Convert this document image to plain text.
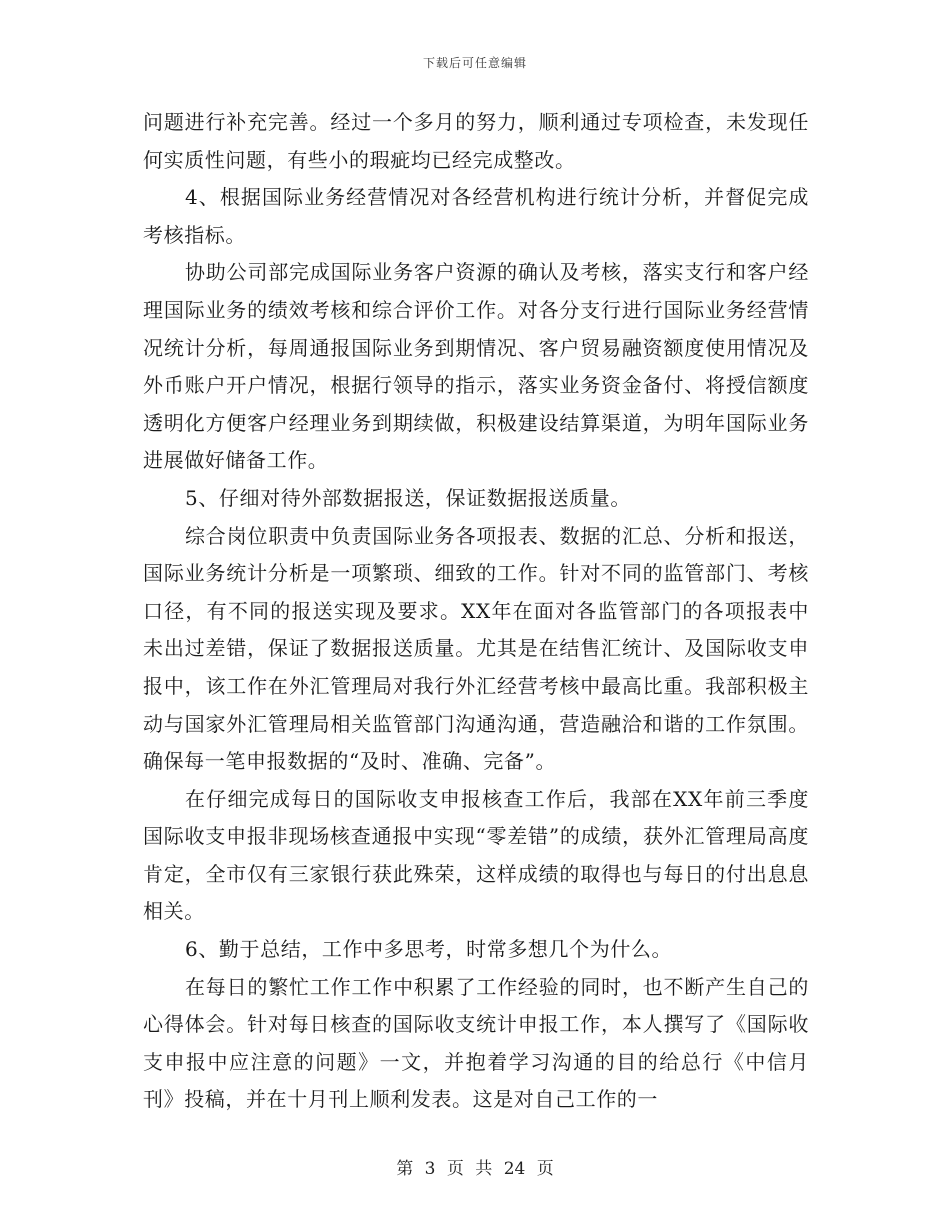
下载后可任意编辑

问题进行补充完善。经过一个多月的努力，顺利通过专项检查，未发现任何实质性问题，有些小的瑕疵均已经完成整改。

4、根据国际业务经营情况对各经营机构进行统计分析，并督促完成考核指标。

协助公司部完成国际业务客户资源的确认及考核，落实支行和客户经理国际业务的绩效考核和综合评价工作。对各分支行进行国际业务经营情况统计分析，每周通报国际业务到期情况、客户贸易融资额度使用情况及外币账户开户情况，根据行领导的指示，落实业务资金备付、将授信额度透明化方便客户经理业务到期续做，积极建设结算渠道，为明年国际业务进展做好储备工作。

5、仔细对待外部数据报送，保证数据报送质量。

综合岗位职责中负责国际业务各项报表、数据的汇总、分析和报送，国际业务统计分析是一项繁琐、细致的工作。针对不同的监管部门、考核口径，有不同的报送实现及要求。XX年在面对各监管部门的各项报表中未出过差错，保证了数据报送质量。尤其是在结售汇统计、及国际收支申报中，该工作在外汇管理局对我行外汇经营考核中最高比重。我部积极主动与国家外汇管理局相关监管部门沟通沟通，营造融洽和谐的工作氛围。确保每一笔申报数据的“及时、准确、完备”。

在仔细完成每日的国际收支申报核查工作后，我部在XX年前三季度国际收支申报非现场核查通报中实现“零差错”的成绩，获外汇管理局高度肯定，全市仅有三家银行获此殊荣，这样成绩的取得也与每日的付出息息相关。

6、勤于总结，工作中多思考，时常多想几个为什么。

在每日的繁忙工作工作中积累了工作经验的同时，也不断产生自己的心得体会。针对每日核查的国际收支统计申报工作，本人撰写了《国际收支申报中应注意的问题》一文，并抱着学习沟通的目的给总行《中信月刊》投稿，并在十月刊上顺利发表。这是对自己工作的一

第 3 页 共 24 页
